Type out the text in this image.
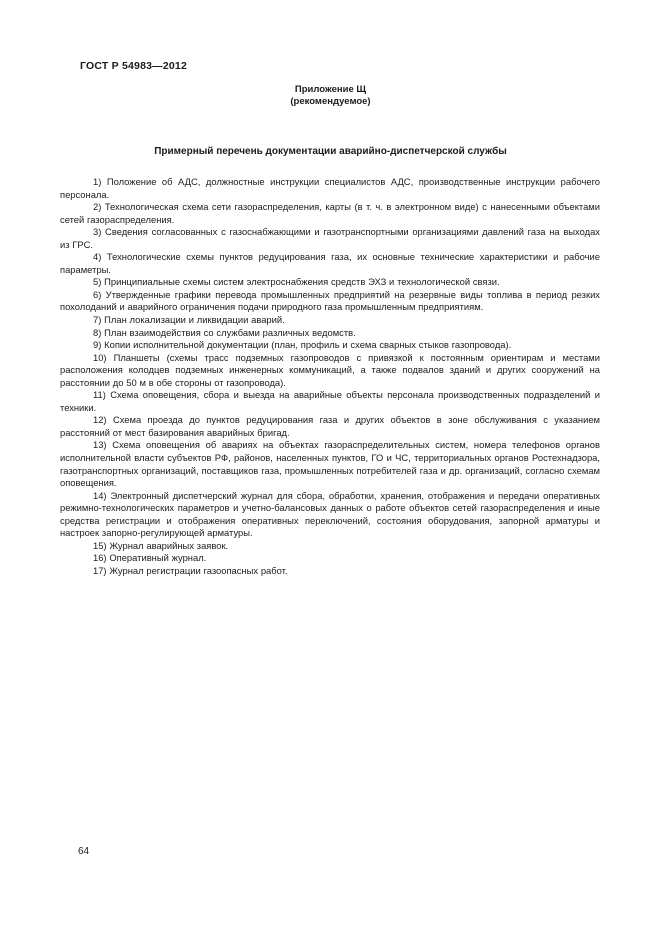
ГОСТ Р 54983—2012
Приложение Щ
(рекомендуемое)
Примерный перечень документации аварийно-диспетчерской службы

1) Положение об АДС, должностные инструкции специалистов АДС, производственные инструкции рабочего персонала.

2) Технологическая схема сети газораспределения, карты (в т. ч. в электронном виде) с нанесенными объектами сетей газораспределения.

3) Сведения согласованных с газоснабжающими и газотранспортными организациями давлений газа на выходах из ГРС.

4) Технологические схемы пунктов редуцирования газа, их основные технические характеристики и рабочие параметры.

5) Принципиальные схемы систем электроснабжения средств ЭХЗ и технологической связи.

6) Утвержденные графики перевода промышленных предприятий на резервные виды топлива в период резких похолоданий и аварийного ограничения подачи природного газа промышленным предприятиям.

7) План локализации и ликвидации аварий.

8) План взаимодействия со службами различных ведомств.

9) Копии исполнительной документации (план, профиль и схема сварных стыков газопровода).

10) Планшеты (схемы трасс подземных газопроводов с привязкой к постоянным ориентирам и местами расположения колодцев подземных инженерных коммуникаций, а также подвалов зданий и других сооружений на расстоянии до 50 м в обе стороны от газопровода).

11) Схема оповещения, сбора и выезда на аварийные объекты персонала производственных подразделений и техники.

12) Схема проезда до пунктов редуцирования газа и других объектов в зоне обслуживания с указанием расстояний от мест базирования аварийных бригад.

13) Схема оповещения об авариях на объектах газораспределительных систем, номера телефонов органов исполнительной власти субъектов РФ, районов, населенных пунктов, ГО и ЧС, территориальных органов Ростехнадзора, газотранспортных организаций, поставщиков газа, промышленных потребителей газа и др. организаций, согласно схемам оповещения.

14) Электронный диспетчерский журнал для сбора, обработки, хранения, отображения и передачи оперативных режимно-технологических параметров и учетно-балансовых данных о работе объектов сетей газораспределения и иные средства регистрации и отображения оперативных переключений, состояния оборудования, запорной арматуры и настроек запорно-регулирующей арматуры.

15) Журнал аварийных заявок.

16) Оперативный журнал.

17) Журнал регистрации газоопасных работ.

64
